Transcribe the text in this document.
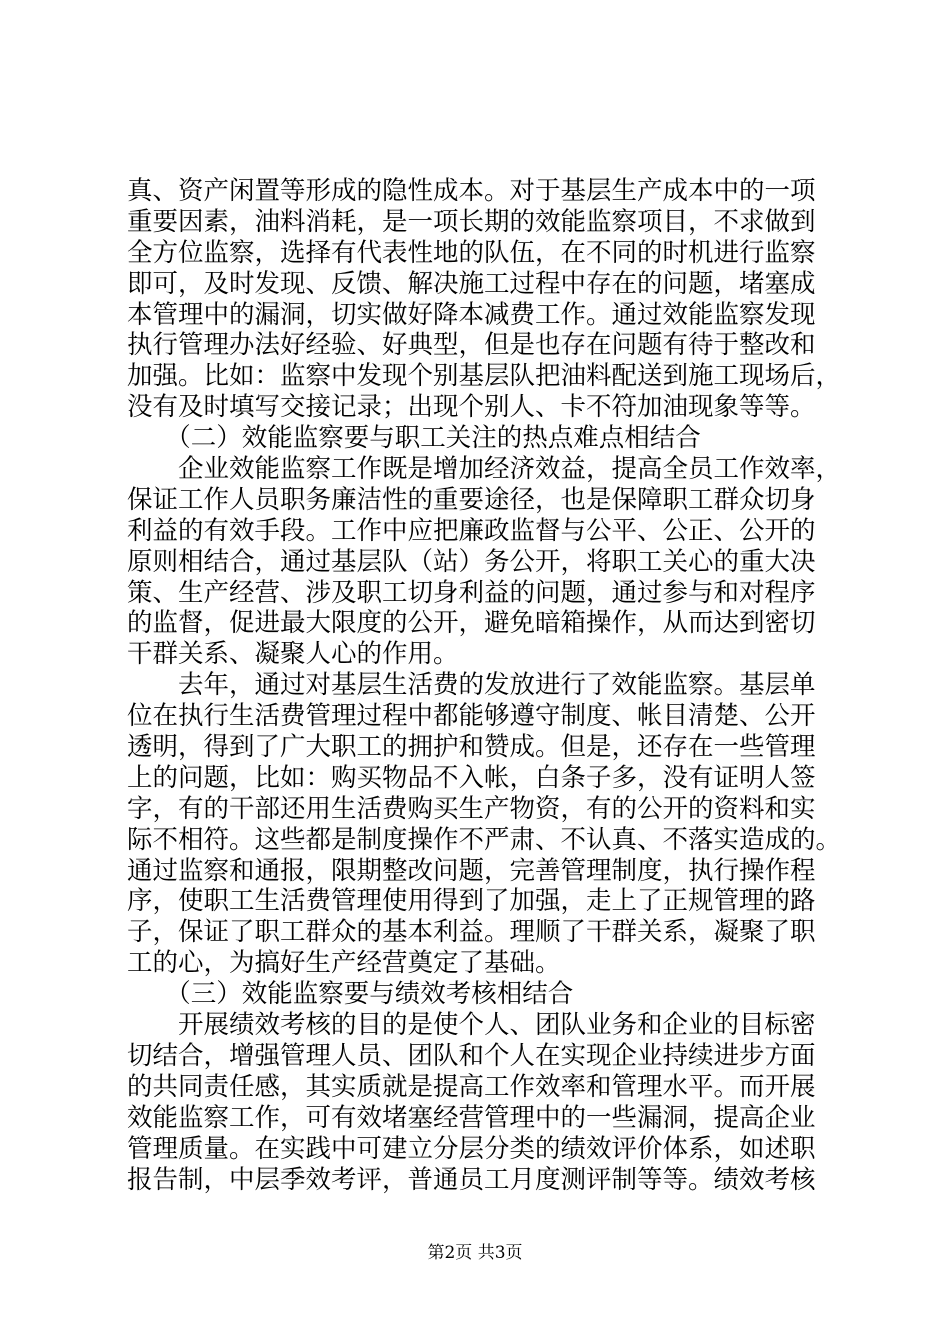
真、资产闲置等形成的隐性成本。对于基层生产成本中的一项
重要因素，油料消耗，是一项长期的效能监察项目，不求做到
全方位监察，选择有代表性地的队伍，在不同的时机进行监察
即可，及时发现、反馈、解决施工过程中存在的问题，堵塞成
本管理中的漏洞，切实做好降本减费工作。通过效能监察发现
执行管理办法好经验、好典型，但是也存在问题有待于整改和
加强。比如：监察中发现个别基层队把油料配送到施工现场后，
没有及时填写交接记录；出现个别人、卡不符加油现象等等。
　　（二）效能监察要与职工关注的热点难点相结合
　　企业效能监察工作既是增加经济效益，提高全员工作效率，
保证工作人员职务廉洁性的重要途径，也是保障职工群众切身
利益的有效手段。工作中应把廉政监督与公平、公正、公开的
原则相结合，通过基层队（站）务公开，将职工关心的重大决
策、生产经营、涉及职工切身利益的问题，通过参与和对程序
的监督，促进最大限度的公开，避免暗箱操作，从而达到密切
干群关系、凝聚人心的作用。
　　去年，通过对基层生活费的发放进行了效能监察。基层单
位在执行生活费管理过程中都能够遵守制度、帐目清楚、公开
透明，得到了广大职工的拥护和赞成。但是，还存在一些管理
上的问题，比如：购买物品不入帐，白条子多，没有证明人签
字，有的干部还用生活费购买生产物资，有的公开的资料和实
际不相符。这些都是制度操作不严肃、不认真、不落实造成的。
通过监察和通报，限期整改问题，完善管理制度，执行操作程
序，使职工生活费管理使用得到了加强，走上了正规管理的路
子，保证了职工群众的基本利益。理顺了干群关系，凝聚了职
工的心，为搞好生产经营奠定了基础。
　　（三）效能监察要与绩效考核相结合
　　开展绩效考核的目的是使个人、团队业务和企业的目标密
切结合，增强管理人员、团队和个人在实现企业持续进步方面
的共同责任感，其实质就是提高工作效率和管理水平。而开展
效能监察工作，可有效堵塞经营管理中的一些漏洞，提高企业
管理质量。在实践中可建立分层分类的绩效评价体系，如述职
报告制，中层季效考评，普通员工月度测评制等等。绩效考核
第2页 共3页
